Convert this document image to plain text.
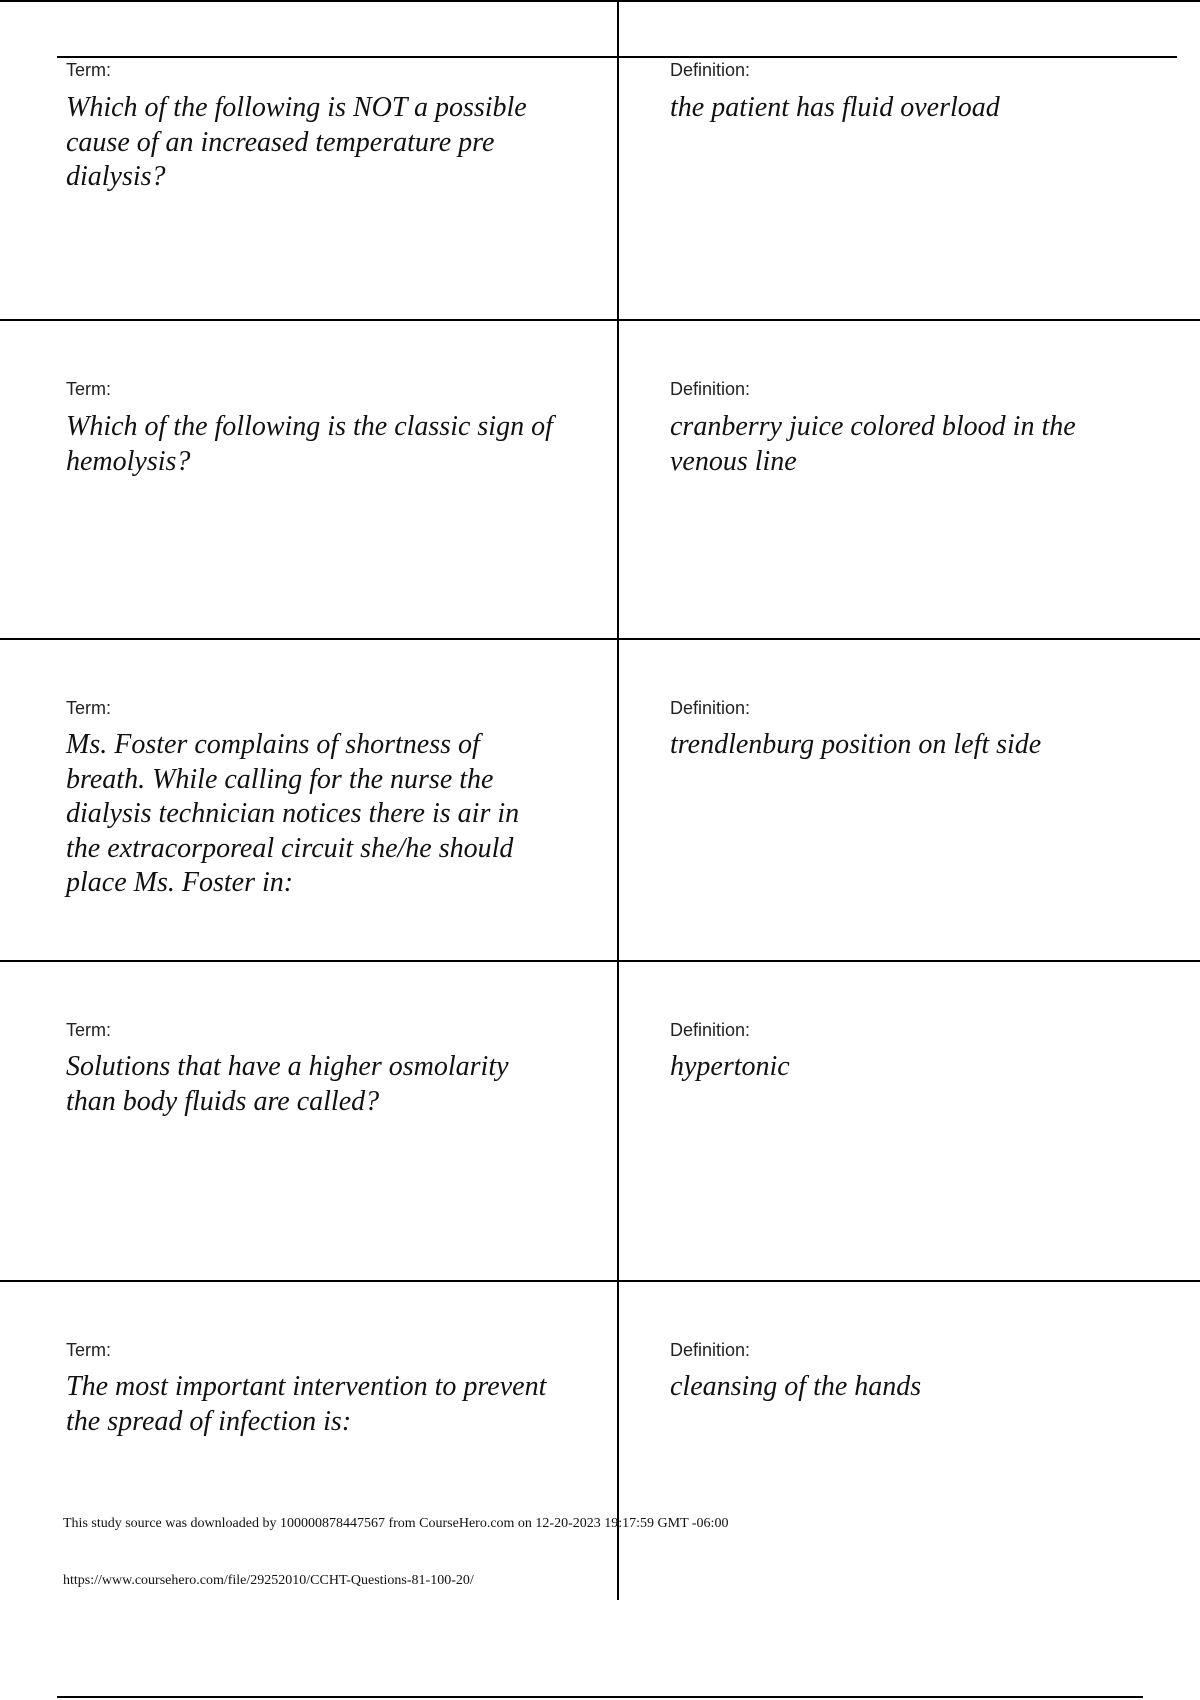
Term:
Which of the following is NOT a possible cause of an increased temperature pre dialysis?
Definition:
the patient has fluid overload
Term:
Which of the following is the classic sign of hemolysis?
Definition:
cranberry juice colored blood in the venous line
Term:
Ms. Foster complains of shortness of breath. While calling for the nurse the dialysis technician notices there is air in the extracorporeal circuit she/he should place Ms. Foster in:
Definition:
trendlenburg position on left side
Term:
Solutions that have a higher osmolarity than body fluids are called?
Definition:
hypertonic
Term:
The most important intervention to prevent the spread of infection is:
Definition:
cleansing of the hands
This study source was downloaded by 100000878447567 from CourseHero.com on 12-20-2023 19:17:59 GMT -06:00
https://www.coursehero.com/file/29252010/CCHT-Questions-81-100-20/
